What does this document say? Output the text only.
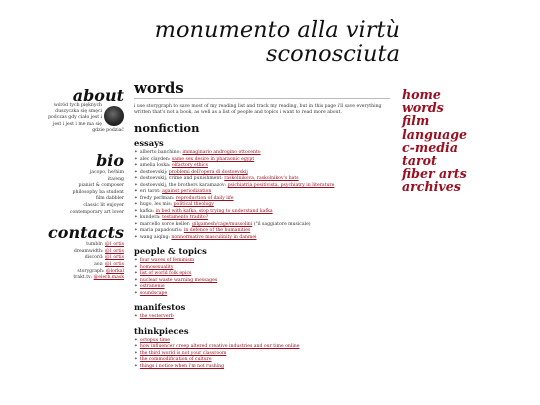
monumento alla virtù
sconosciuta
about
wśród tych pięknych
duszyczka się smęci
podczas gdy ciało jest i
jest i jest i me ma się
gdzie podziać
bio
jacopo, he/him
ita/eng
pianist & composer
philosophy ba student
film dabbler
classic lit enjoyer
contemporary art lover
contacts
tumblr: @l_ortis
dreamwidth: @l_ortis
discord: @l_ortis
aoz: @l_ortis
storygraph: @lorkal
trakt.tv: @elerb.mask
home
words
film
language
c-media
tarot
fiber arts
archives
words

i use storygraph to save most of my reading list and track my reading, but in this page i'll save everything written that's not a book, as well as a list of people and topics i want to read more about.

nonfiction
essays
✦ alberto banchino: immaginario androgino ottocento
✦ alec clayden: same sex desire in pharaonic egypt
✦ amelia loska: olfactory ethics
✦ dostoevskij: problemi dell'opera di dostoevskij
✦ dostoevskij, crime and punishment: raskolnikova, raskolnikov's hats
✦ dostoevskij, the brothers karamazov: psichiatria positivista, psychiatry in literature
✦ eri tarot: against periodization
✦ fredy perlman: reproduction of daily life
✦ hugo, les mis: political theology
✦ kafka: in bed with kafka, stop trying to understand kafka
✦ kundera: testamento tradito?
✦ marcello sorce keller: gilgamesh/cage/mussolini ("il saggiatore musicale)
✦ maria papadouris: in defence of the humanities
✦ wang aiqing: nonnormative masculinity in danmei
people & topics
✦ four waves of feminism
✦ homosexuality
✦ list of world folk epics
✦ nuclear waste warning messages
✦ ostranenie
✦ soundscape
manifestos
✦ the vesterverb
thinkpieces
✦ octopus time
✦ how influencer creep altered creative industries and our time online
✦ the third world is not your classroom
✦ the commodification of culture
✦ things i notice when i'm not rushing
